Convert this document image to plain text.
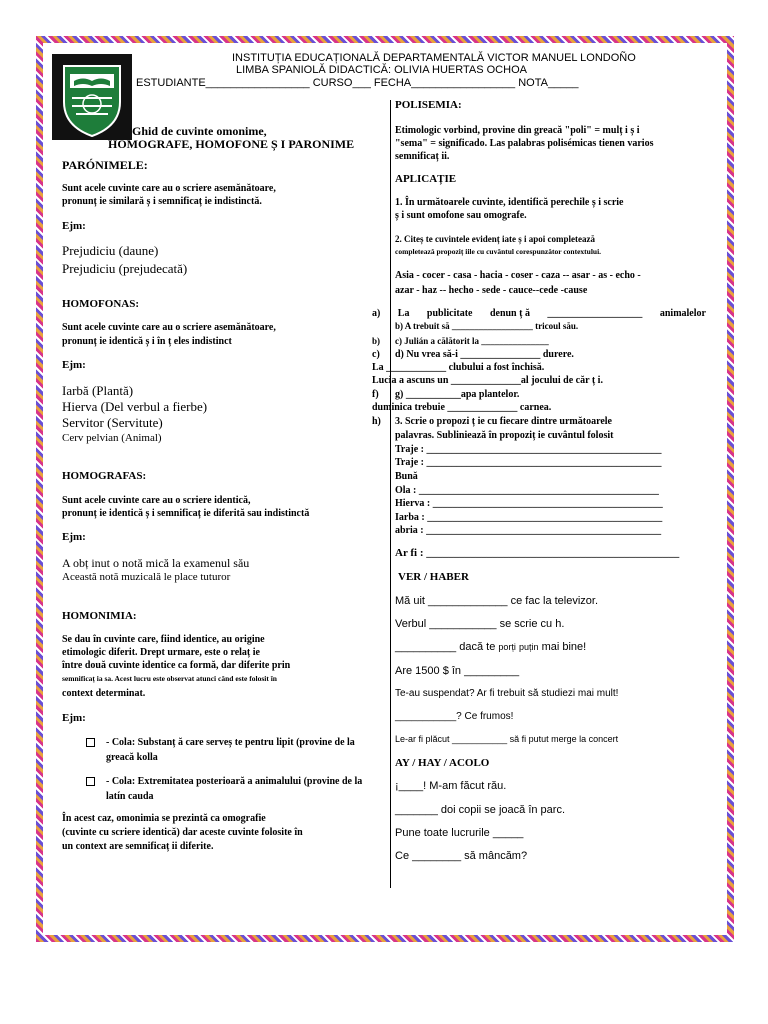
INSTITUȚIA EDUCAȚIONALĂ DEPARTAMENTALĂ VICTOR MANUEL LONDOÑO
LIMBA SPANIOLĂ DIDACTICĂ: OLIVIA HUERTAS OCHOA
ESTUDIANTE_________________ CURSO___ FECHA_________________ NOTA_____
Ghid de cuvinte omonime,
HOMOGRAFE, HOMOFONE Ș I PARONIME
PARÓNIMELE:
Sunt acele cuvinte care au o scriere asemănătoare,
pronunț ie similară ș i semnificaț ie indistinctă.
Ejm:
Prejudiciu (daune)
Prejudiciu (prejudecată)
HOMOFONAS:
Sunt acele cuvinte care au o scriere asemănătoare,
pronunț ie identică ș i în ț eles indistinct
Ejm:
Iarbă (Plantă)
Hierva (Del verbul a fierbe)
Servitor (Servitute)
Cerv pelvian (Animal)
HOMOGRAFAS:
Sunt acele cuvinte care au o scriere identică,
pronunț ie identică ș i semnificaț ie diferită sau indistinctă
Ejm:
A obț inut o notă mică la examenul său
Această notă muzicală le place tuturor
HOMONIMIA:
Se dau în cuvinte care, fiind identice, au origine
etimologic diferit. Drept urmare, este o relaț ie
între două cuvinte identice ca formă, dar diferite prin
semnificaț ia sa. Acest lucru este observat atunci când este folosit în
context determinat.
Ejm:
- Cola: Substanț ă care serveș te pentru lipit (provine de la
greacă kolla
- Cola: Extremitatea posterioară a animalului (provine de la
latín cauda
În acest caz, omonimia se prezintă ca omografie
(cuvinte cu scriere identică) dar aceste cuvinte folosite în
un context are semnificaț ii diferite.
POLISEMIA:
Etimologic vorbind, provine din greacă "poli" = mulț i ș i
"sema" = significado. Las palabras polisémicas tienen varios
semnificaț ii.
APLICAȚIE
1. În următoarele cuvinte, identifică perechile ș i scrie
ș i sunt omofone sau omografe.
2. Citeș te cuvintele evidenț iate ș i apoi completează
completează propoziț iile cu cuvântul corespunzător contextului.
Asia - cocer - casa - hacia - coser - caza -- asar - as - echo -
azar - haz -- hecho - sede - cauce--cede -cause
a) La publicitate denun ț ă ___________________ animalelor
b) A trebuit să __________________ tricoul său.
b) c) Julián a călătorit la _______________
c) d) Nu vrea să-i ________________ durere.
La ____________ clubului a fost închisă.
Lucia a ascuns un ______________al jocului de căr ț i.
f) g) ___________apa plantelor.
duminica trebuie ______________ carnea.
h) 3. Scrie o propozi ț ie cu fiecare dintre următoarele
palavras. Subliniează în propoziț ie cuvântul folosit
Traje : _______________________________________________
Traje : _______________________________________________
Bună
Ola : ________________________________________________
Hierva : ______________________________________________
Iarba : _______________________________________________
abria : _______________________________________________
Ar fi : ______________________________________________
VER / HABER
Mă uit _____________ ce fac la televizor.
Verbul ___________ se scrie cu h.
__________ dacă te porți puțin mai bine!
Are 1500 $ în _________
Te-au suspendat? Ar fi trebuit să studiezi mai mult!
___________? Ce frumos!
Le-ar fi plăcut ___________ să fi putut merge la concert
AY / HAY / ACOLO
¡____! M-am făcut rău.
_______ doi copii se joacă în parc.
Pune toate lucrurile _____
Ce ________ să mâncăm?
